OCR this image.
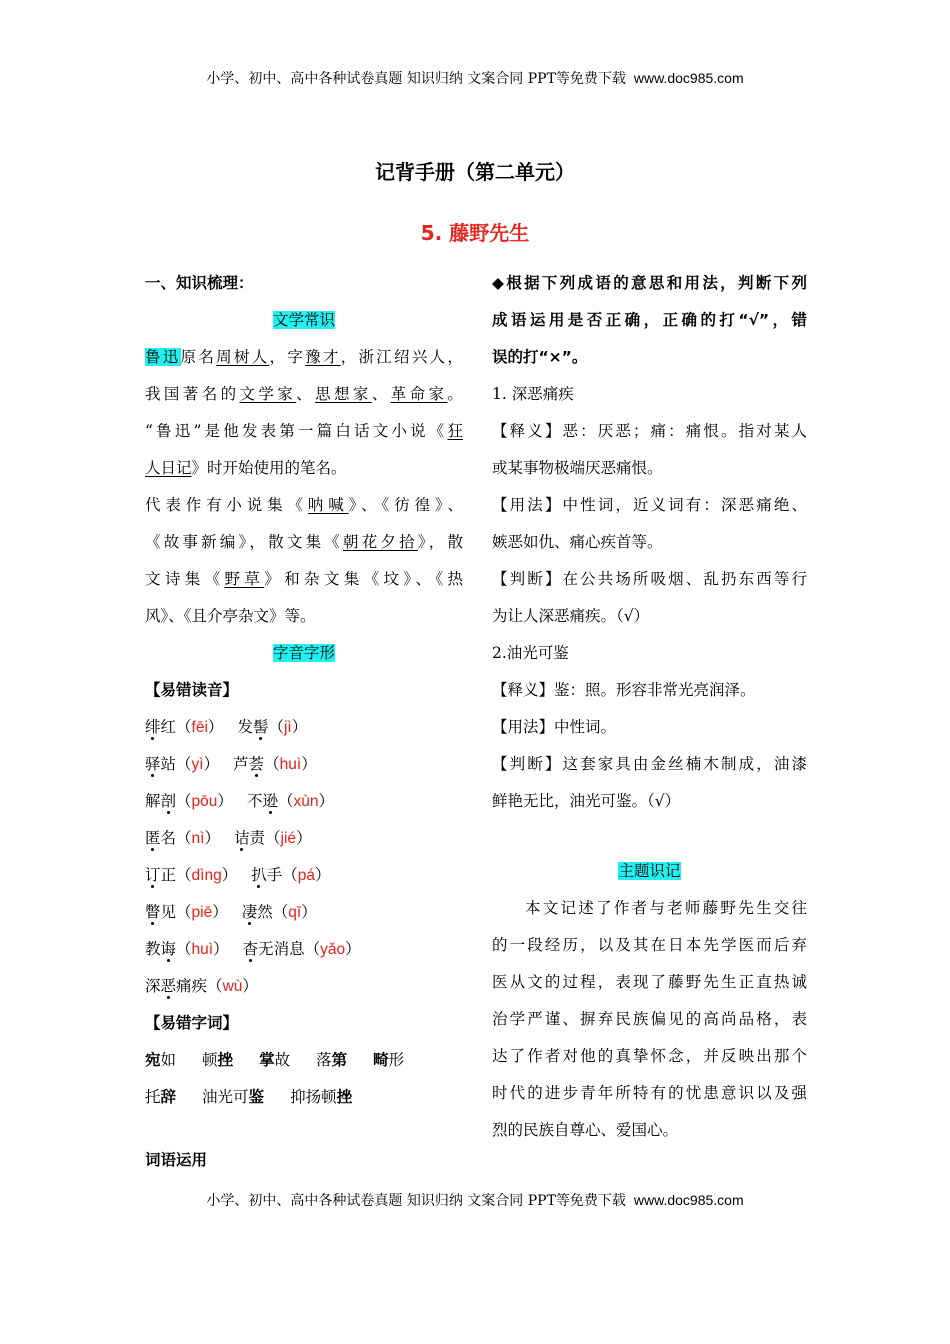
小学、初中、高中各种试卷真题 知识归纳 文案合同 PPT等免费下载 www.doc985.com
记背手册（第二单元）
5. 藤野先生
一、知识梳理：
文学常识
鲁迅原名周树人，字豫才，浙江绍兴人，
我国著名的文学家、思想家、革命家。
“鲁迅”是他发表第一篇白话文小说《狂
人日记》时开始使用的笔名。
代表作有小说集《呐喊》、《彷徨》、
《故事新编》，散文集《朝花夕拾》，散
文诗集《野草》和杂文集《坟》、《热
风》、《且介亭杂文》等。
字音字形
【易错读音】
绯红（fēi） 发髻（jì）
驿站（yì） 芦荟（huì）
解剖（pōu） 不逊（xùn）
匿名（nì） 诘责（jié）
订正（dìng） 扒手（pá）
瞥见（piē） 凄然（qī）
教诲（huì） 杳无消息（yǎo）
深恶痛疾（wù）
【易错字词】
宛如 顿挫 掌故 落第 畸形
托辞 油光可鉴 抑扬顿挫
词语运用
◆根据下列成语的意思和用法，判断下列
成语运用是否正确，正确的打“√”，错
误的打“×”。
1. 深恶痛疾
【释义】恶：厌恶；痛：痛恨。指对某人
或某事物极端厌恶痛恨。
【用法】中性词，近义词有：深恶痛绝、
嫉恶如仇、痛心疾首等。
【判断】在公共场所吸烟、乱扔东西等行
为让人深恶痛疾。（√）
2.油光可鉴
【释义】鉴：照。形容非常光亮润泽。
【用法】中性词。
【判断】这套家具由金丝楠木制成，油漆
鲜艳无比，油光可鉴。（√）
主题识记
本文记述了作者与老师藤野先生交往
的一段经历，以及其在日本先学医而后弃
医从文的过程，表现了藤野先生正直热诚
治学严谨、摒弃民族偏见的高尚品格，表
达了作者对他的真挚怀念，并反映出那个
时代的进步青年所特有的忧患意识以及强
烈的民族自尊心、爱国心。
小学、初中、高中各种试卷真题 知识归纳 文案合同 PPT等免费下载 www.doc985.com
